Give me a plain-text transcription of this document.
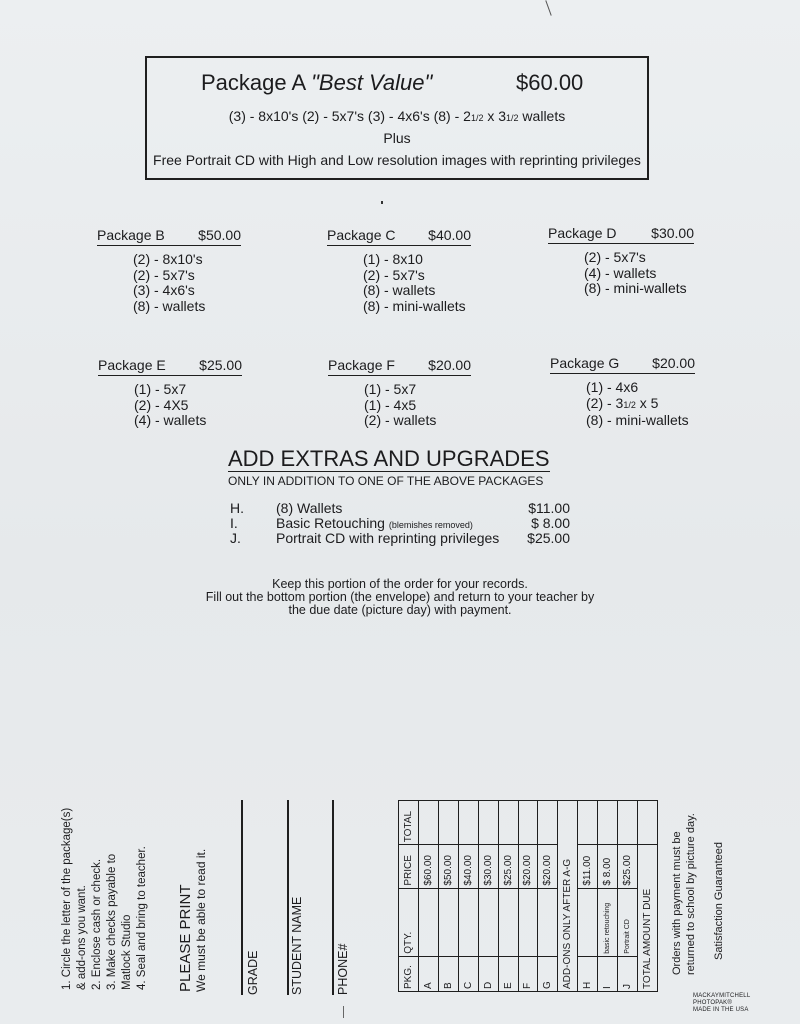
Package A "Best Value"	$60.00
(3) - 8x10's (2) - 5x7's (3) - 4x6's (8) - 21/2 x 31/2 wallets
Plus
Free Portrait CD with High and Low resolution images with reprinting privileges
Package B $50.00
(2) - 8x10's
(2) - 5x7's
(3) - 4x6's
(8) - wallets
Package C $40.00
(1) - 8x10
(2) - 5x7's
(8) - wallets
(8) - mini-wallets
Package D $30.00
(2) - 5x7's
(4) - wallets
(8) - mini-wallets
Package E $25.00
(1) - 5x7
(2) - 4X5
(4) - wallets
Package F $20.00
(1) - 5x7
(1) - 4x5
(2) - wallets
Package G $20.00
(1) - 4x6
(2) - 31/2 x 5
(8) - mini-wallets
ADD EXTRAS AND UPGRADES
ONLY IN ADDITION TO ONE OF THE ABOVE PACKAGES
H. (8) Wallets	$11.00
I.	Basic Retouching (blemishes removed)	$ 8.00
J.	Portrait CD with reprinting privileges $25.00
Keep this portion of the order for your records.
Fill out the bottom portion (the envelope) and return to your teacher by
the due date (picture day) with payment.
1. Circle the letter of the package(s) & add-ons you want. 2. Enclose cash or check. 3. Make checks payable to Matlock Studio 4. Seal and bring to teacher. PLEASE PRINT We must be able to read it.	GRADE STUDENT NAME	PHONE#	PKG.	QTY.	PRICE	TOTAL
A		$60.00	
B		$50.00	
C		$40.00	
D		$30.00	
E		$25.00	
F		$20.00	
G		$20.00	
ADD-ONS ONLY AFTER A-G			
H		$11.00	
I	basic retouching	$ 8.00	
J	Portrait CD	$25.00	
TOTAL AMOUNT DUE			Orders with payment must be returned to school by picture day. Satisfaction Guaranteed
MACKAYMITCHELL
PHOTOPAK®
MADE IN THE USA
